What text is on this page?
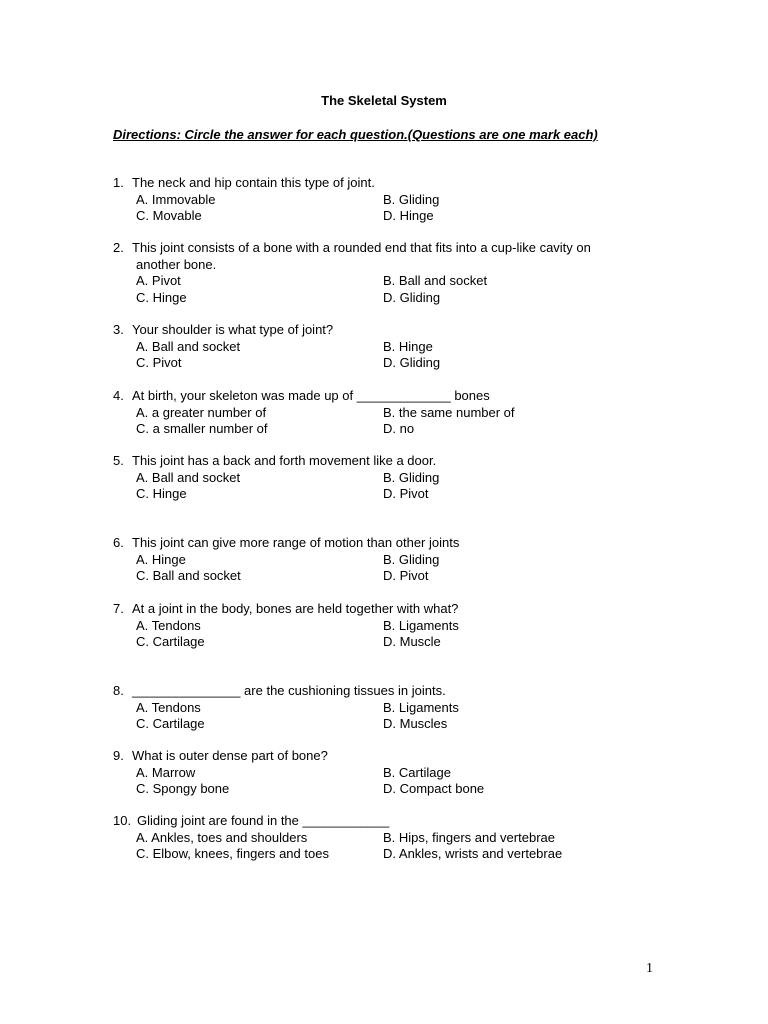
The Skeletal System
Directions: Circle the answer for each question.(Questions are one mark each)
1. The neck and hip contain this type of joint.
A. Immovable	B. Gliding
C. Movable	D. Hinge
2. This joint consists of a bone with a rounded end that fits into a cup-like cavity on
another bone.
A. Pivot	B. Ball and socket
C. Hinge	D. Gliding
3. Your shoulder is what type of joint?
A. Ball and socket	B. Hinge
C. Pivot	D. Gliding
4. At birth, your skeleton was made up of _____________ bones
A. a greater number of	B. the same number of
C. a smaller number of	D. no
5. This joint has a back and forth movement like a door.
A. Ball and socket	B. Gliding
C. Hinge	D. Pivot
6. This joint can give more range of motion than other joints
A. Hinge	B. Gliding
C. Ball and socket	D. Pivot
7. At a joint in the body, bones are held together with what?
A. Tendons	B. Ligaments
C. Cartilage	D. Muscle
8. _______________ are the cushioning tissues in joints.
A. Tendons	B. Ligaments
C. Cartilage	D. Muscles
9. What is outer dense part of bone?
A. Marrow	B. Cartilage
C. Spongy bone	D. Compact bone
10. Gliding joint are found in the ____________
A. Ankles, toes and shoulders	B. Hips, fingers and vertebrae
C. Elbow, knees, fingers and toes	D. Ankles, wrists and vertebrae
1
